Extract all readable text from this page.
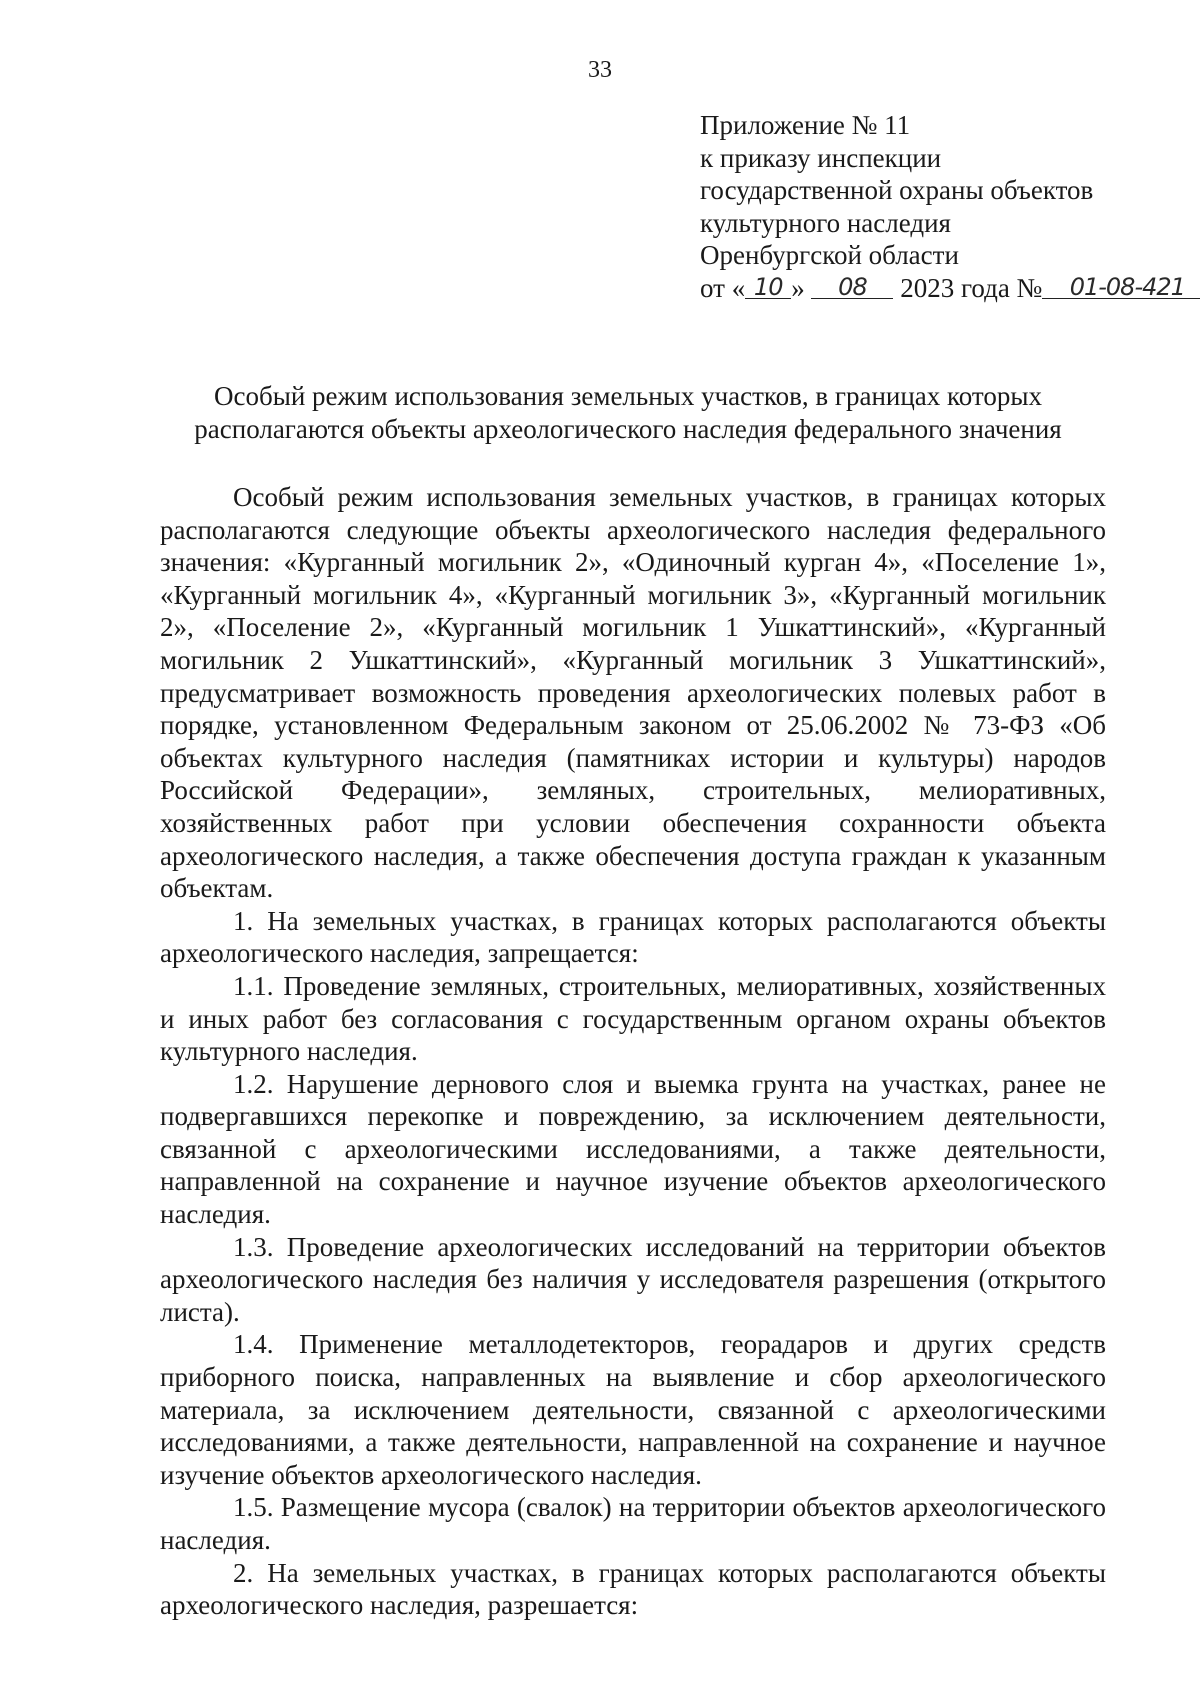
33
Приложение № 11
к приказу инспекции
государственной охраны объектов
культурного наследия
Оренбургской области
от « 10 » 08 2023 года № 01-08-421
Особый режим использования земельных участков, в границах которых
располагаются объекты археологического наследия федерального значения

Особый режим использования земельных участков, в границах которых располагаются следующие объекты археологического наследия федерального значения: «Курганный могильник 2», «Одиночный курган 4», «Поселение 1», «Курганный могильник 4», «Курганный могильник 3», «Курганный могильник 2», «Поселение 2», «Курганный могильник 1 Ушкаттинский», «Курганный могильник 2 Ушкаттинский», «Курганный могильник 3 Ушкаттинский», предусматривает возможность проведения археологических полевых работ в порядке, установленном Федеральным законом от 25.06.2002 № 73-ФЗ «Об объектах культурного наследия (памятниках истории и культуры) народов Российской Федерации», земляных, строительных, мелиоративных, хозяйственных работ при условии обеспечения сохранности объекта археологического наследия, а также обеспечения доступа граждан к указанным объектам.

1. На земельных участках, в границах которых располагаются объекты археологического наследия, запрещается:

1.1. Проведение земляных, строительных, мелиоративных, хозяйственных и иных работ без согласования с государственным органом охраны объектов культурного наследия.

1.2. Нарушение дернового слоя и выемка грунта на участках, ранее не подвергавшихся перекопке и повреждению, за исключением деятельности, связанной с археологическими исследованиями, а также деятельности, направленной на сохранение и научное изучение объектов археологического наследия.

1.3. Проведение археологических исследований на территории объектов археологического наследия без наличия у исследователя разрешения (открытого листа).

1.4. Применение металлодетекторов, георадаров и других средств приборного поиска, направленных на выявление и сбор археологического материала, за исключением деятельности, связанной с археологическими исследованиями, а также деятельности, направленной на сохранение и научное изучение объектов археологического наследия.

1.5. Размещение мусора (свалок) на территории объектов археологического наследия.

2. На земельных участках, в границах которых располагаются объекты археологического наследия, разрешается:
